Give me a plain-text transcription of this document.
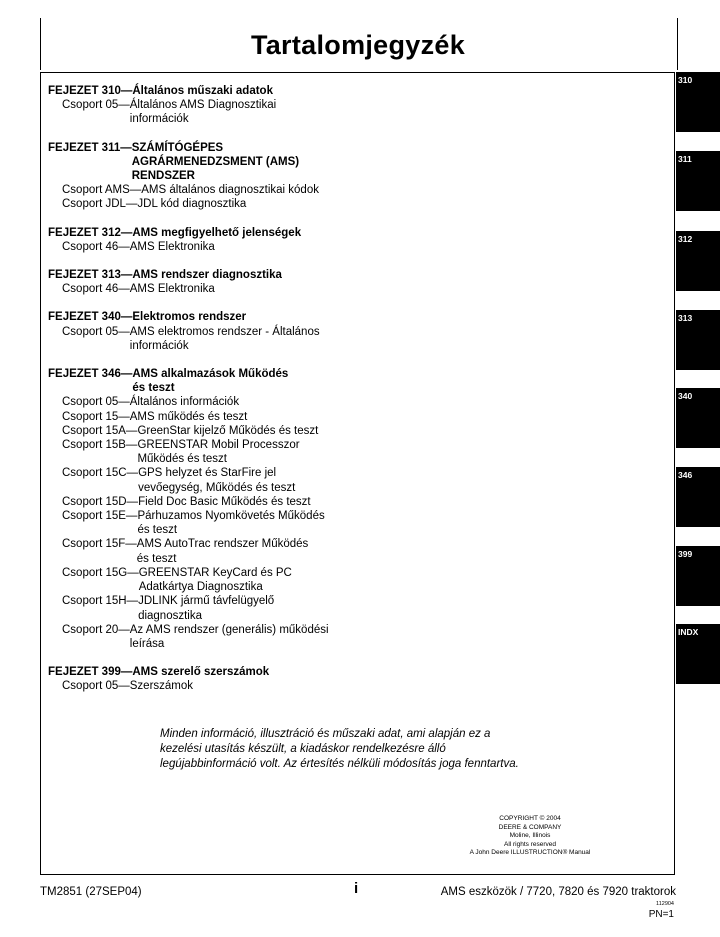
Tartalomjegyzék
FEJEZET 310— Általános műszaki adatok
Csoport 05— Általános AMS Diagnosztikai
információk
FEJEZET 311— SZÁMÍTÓGÉPES
AGRÁRMENEDZSMENT (AMS)
RENDSZER
Csoport AMS— AMS általános diagnosztikai kódok
Csoport JDL— JDL kód diagnosztika
FEJEZET 312— AMS megfigyelhető jelenségek
Csoport 46— AMS Elektronika
FEJEZET 313— AMS rendszer diagnosztika
Csoport 46— AMS Elektronika
FEJEZET 340— Elektromos rendszer
Csoport 05— AMS elektromos rendszer - Általános
információk
FEJEZET 346— AMS alkalmazások Működés
és teszt
Csoport 05— Általános információk
Csoport 15— AMS működés és teszt
Csoport 15A— GreenStar kijelző Működés és teszt
Csoport 15B— GREENSTAR Mobil Processzor
Működés és teszt
Csoport 15C— GPS helyzet és StarFire jel
vevőegység, Működés és teszt
Csoport 15D— Field Doc Basic Működés és teszt
Csoport 15E— Párhuzamos Nyomkövetés Működés
és teszt
Csoport 15F— AMS AutoTrac rendszer Működés
és teszt
Csoport 15G— GREENSTAR KeyCard és PC
Adatkártya Diagnosztika
Csoport 15H— JDLINK jármű távfelügyelő
diagnosztika
Csoport 20— Az AMS rendszer (generális) működési
leírása
FEJEZET 399— AMS szerelő szerszámok
Csoport 05— Szerszámok
Minden információ, illusztráció és műszaki adat, ami alapján ez a
kezelési utasítás készült, a kiadáskor rendelkezésre álló
legújabbinformáció volt. Az értesítés nélküli módosítás joga fenntartva.
COPYRIGHT © 2004
DEERE & COMPANY
Moline, Illinois
All rights reserved
A John Deere ILLUSTRUCTION® Manual
310
311
312
313
340
346
399
INDX
TM2851 (27SEP04)	i	AMS eszközök / 7720, 7820 és 7920 traktorok
112904
PN=1
